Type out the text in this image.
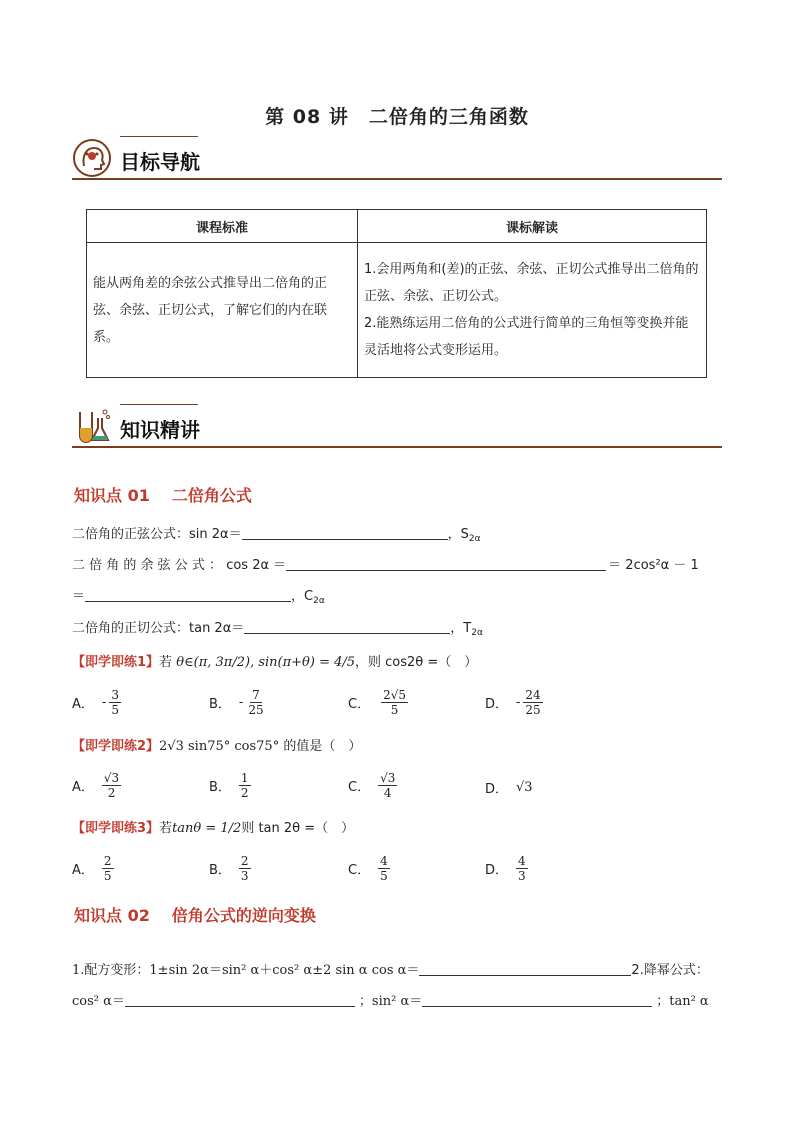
第 08 讲　二倍角的三角函数
目标导航
课程标准	课标解读
能从两角差的余弦公式推导出二倍角的正弦、余弦、正切公式，了解它们的内在联系。	1.会用两角和(差)的正弦、余弦、正切公式推导出二倍角的正弦、余弦、正切公式。
2.能熟练运用二倍角的公式进行简单的三角恒等变换并能灵活地将公式变形运用。
知识精讲
知识点 01 二倍角公式
二倍角的正弦公式：sin 2α＝	，$S_{2\alpha}$
二 倍 角 的 余 弦 公 式 ： cos 2α ＝	＝ 2cos²α － 1
＝	，$C_{2\alpha}$
二倍角的正切公式：tan 2α＝	，$T_{2\alpha}$
【即学即练1】若 θ∈(π, 3π/2), sin(π+θ) = 4/5，则 cos2θ =（　）
A． - $\frac{3}{5}$	B． - $\frac{7}{25}$	C． $\frac{2√5}{5}$	D． - $\frac{24}{25}$
【即学即练2】2√3 sin75° cos75° 的值是（　）
A． $\frac{√3}{2}$	B． $\frac{1}{2}$	C． $\frac{√3}{4}$	D． √3
【即学即练3】若tanθ = 1/2则 tan 2θ =（　）
A． $\frac{2}{5}$	B． $\frac{2}{3}$	C． $\frac{4}{5}$	D． $\frac{4}{3}$
知识点 02 倍角公式的逆向变换
1.配方变形：1±sin 2α＝sin² α＋cos² α±2 sin α cos α＝	2.降幂公式：
cos² α＝	；sin² α＝	；tan² α
